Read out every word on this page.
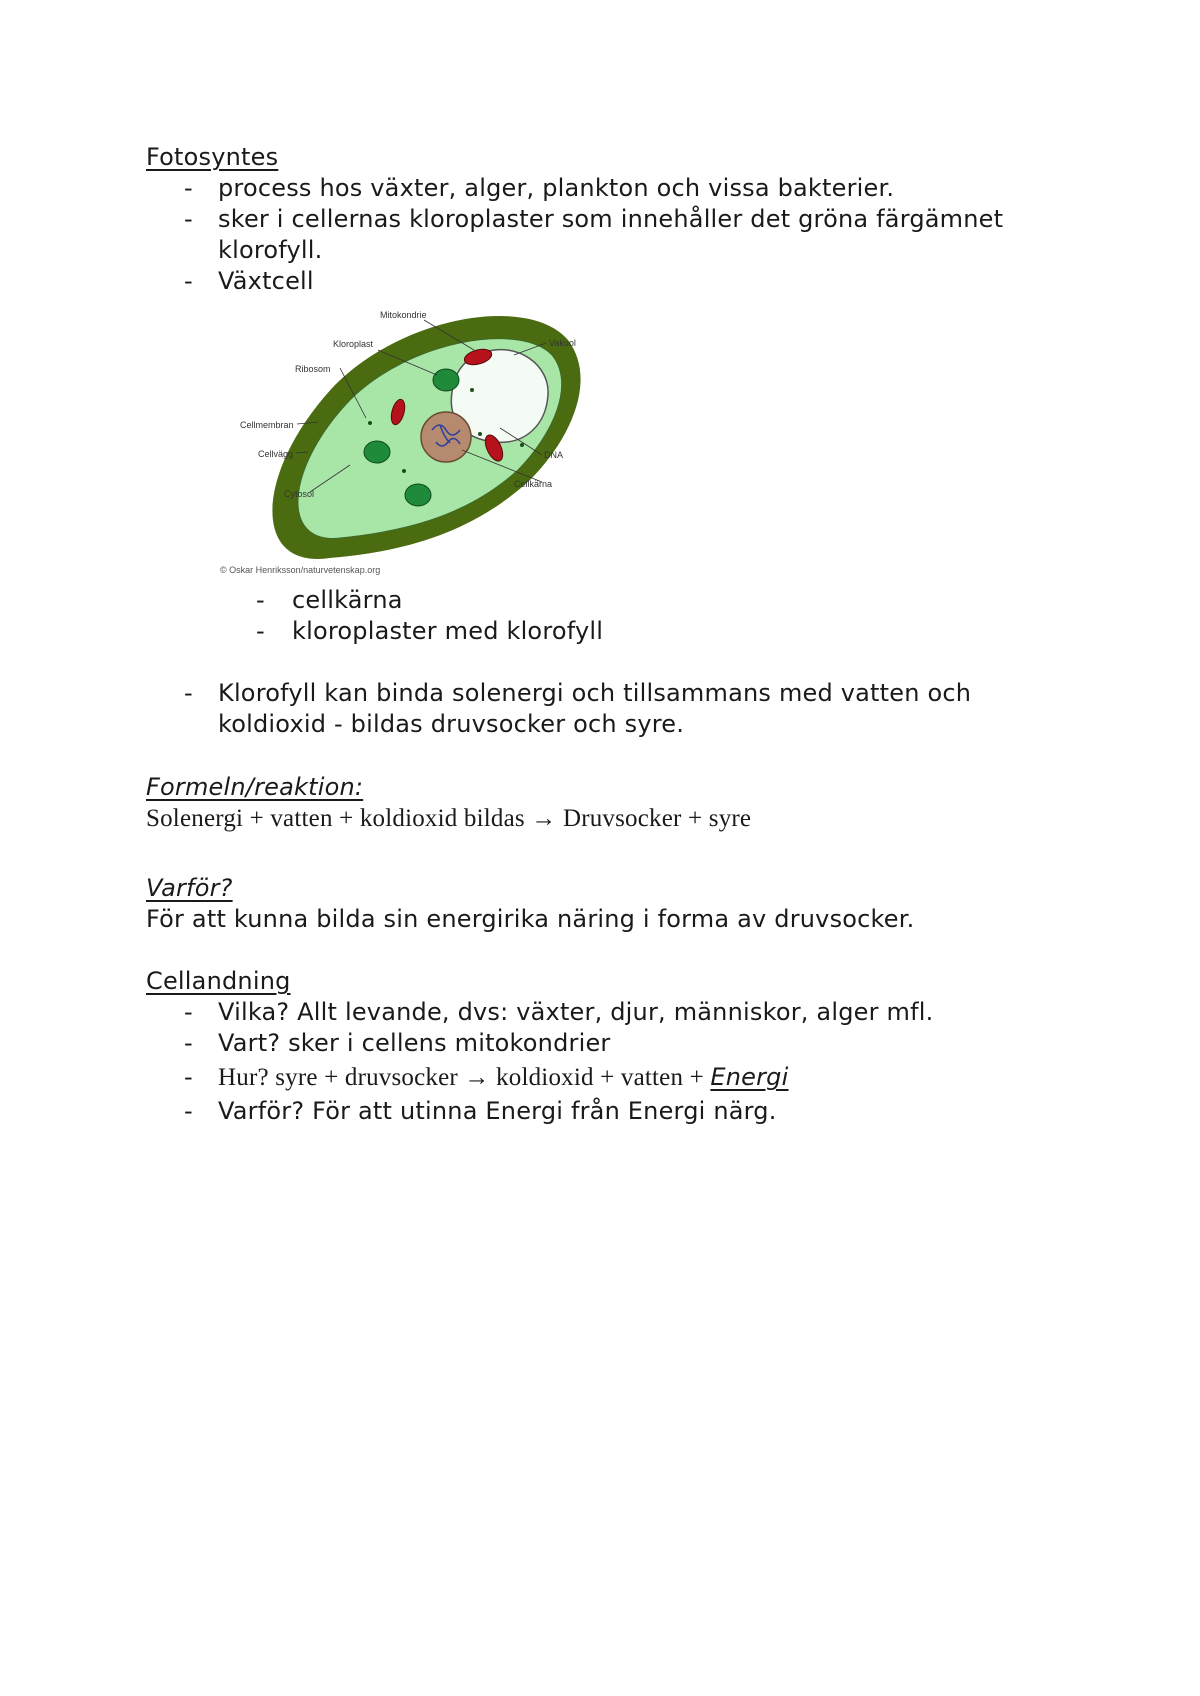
Fotosyntes
- process hos växter, alger, plankton och vissa bakterier.
- sker i cellernas kloroplaster som innehåller det gröna färgämnet
klorofyll.
- Växtcell
Mitokondrie
Kloroplast
Ribosom
Cellmembran
Cellvägg
Cytosol
Vakuol
DNA
Cellkärna
© Oskar Henriksson/naturvetenskap.org
- cellkärna
- kloroplaster med klorofyll
- Klorofyll kan binda solenergi och tillsammans med vatten och
koldioxid - bildas druvsocker och syre.
Formeln/reaktion:
Solenergi + vatten + koldioxid bildas → Druvsocker + syre
Varför?
För att kunna bilda sin energirika näring i forma av druvsocker.
Cellandning
- Vilka? Allt levande, dvs: växter, djur, människor, alger mfl.
- Vart? sker i cellens mitokondrier
- Hur? syre + druvsocker → koldioxid + vatten + Energi
- Varför? För att utinna Energi från Energi närg.
